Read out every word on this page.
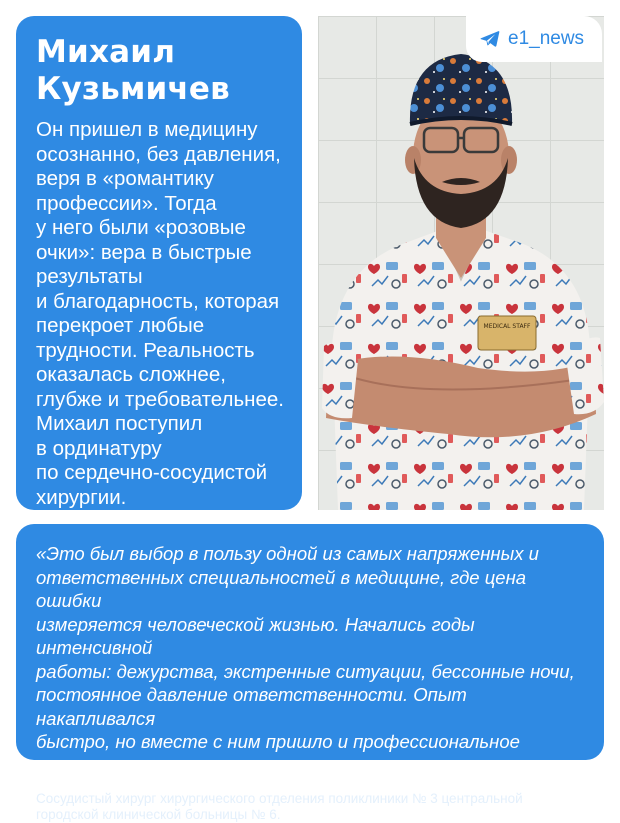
Михаил
Кузьмичев

Он пришел в медицину
осознанно, без давления,
веря в «романтику
профессии». Тогда
у него были «розовые
очки»: вера в быстрые
результаты
и благодарность, которая
перекроет любые
трудности. Реальность
оказалась сложнее,
глубже и требовательнее.
Михаил поступил
в ординатуру
по сердечно-сосудистой
хирургии.

MEDICAL STAFF
e1_news

«Это был выбор в пользу одной из самых напряженных и
ответственных специальностей в медицине, где цена ошибки
измеряется человеческой жизнью. Начались годы интенсивной
работы: дежурства, экстренные ситуации, бессонные ночи,
постоянное давление ответственности. Опыт накапливался
быстро, но вместе с ним пришло и профессиональное
выгорание», — поделился врач.

Сосудистый хирург хирургического отделения поликлиники № 3 центральной
городской клинической больницы № 6.
